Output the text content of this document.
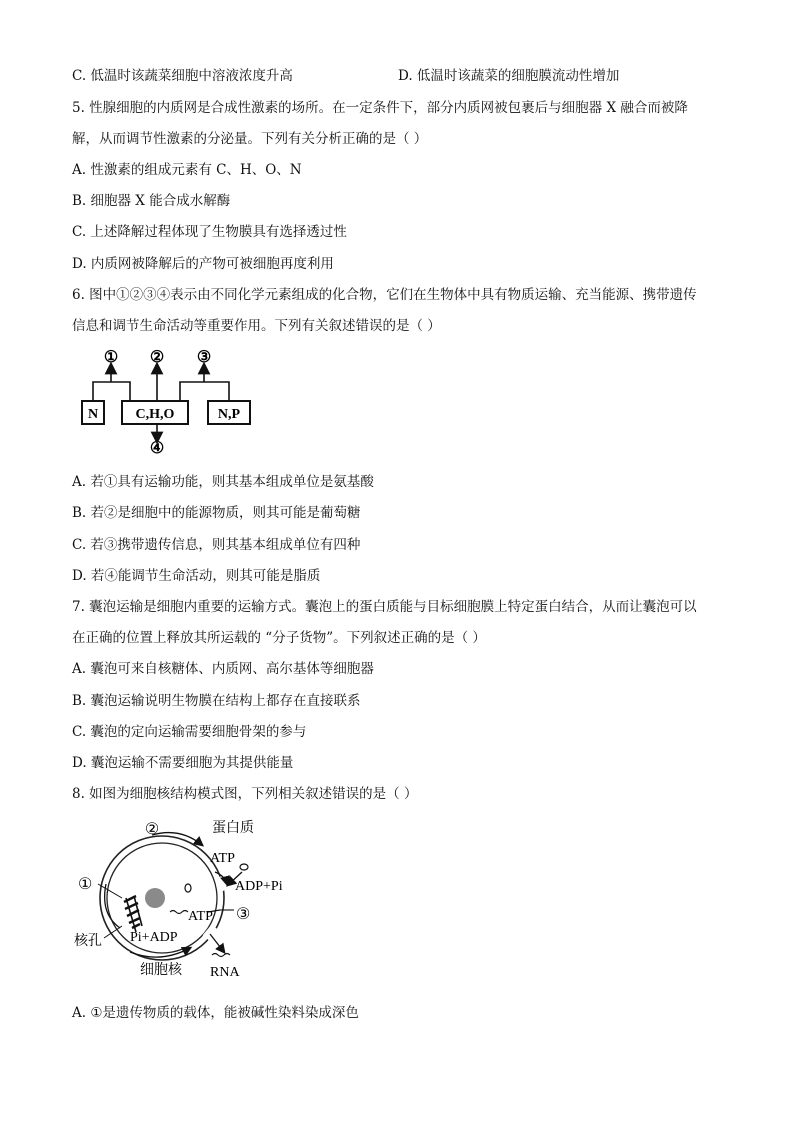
C. 低温时该蔬菜细胞中溶液浓度升高	D. 低温时该蔬菜的细胞膜流动性增加
5. 性腺细胞的内质网是合成性激素的场所。在一定条件下，部分内质网被包裹后与细胞器 X 融合而被降
解，从而调节性激素的分泌量。下列有关分析正确的是（ ）
A. 性激素的组成元素有 C、H、O、N
B. 细胞器 X 能合成水解酶
C. 上述降解过程体现了生物膜具有选择透过性
D. 内质网被降解后的产物可被细胞再度利用
6. 图中①②③④表示由不同化学元素组成的化合物，它们在生物体中具有物质运输、充当能源、携带遗传
信息和调节生命活动等重要作用。下列有关叙述错误的是（ ）
① ② ③
④
N	C,H,O	N,P
A. 若①具有运输功能，则其基本组成单位是氨基酸
B. 若②是细胞中的能源物质，则其可能是葡萄糖
C. 若③携带遗传信息，则其基本组成单位有四种
D. 若④能调节生命活动，则其可能是脂质
7. 囊泡运输是细胞内重要的运输方式。囊泡上的蛋白质能与目标细胞膜上特定蛋白结合，从而让囊泡可以
在正确的位置上释放其所运载的 “分子货物”。下列叙述正确的是（ ）
A. 囊泡可来自核糖体、内质网、高尔基体等细胞器
B. 囊泡运输说明生物膜在结构上都存在直接联系
C. 囊泡的定向运输需要细胞骨架的参与
D. 囊泡运输不需要细胞为其提供能量
8. 如图为细胞核结构模式图，下列相关叙述错误的是（ ）
②	蛋白质
ATP
ADP+Pi
①
ATP ③
Pi+ADP
核孔
细胞核 RNA
A. ①是遗传物质的载体，能被碱性染料染成深色
